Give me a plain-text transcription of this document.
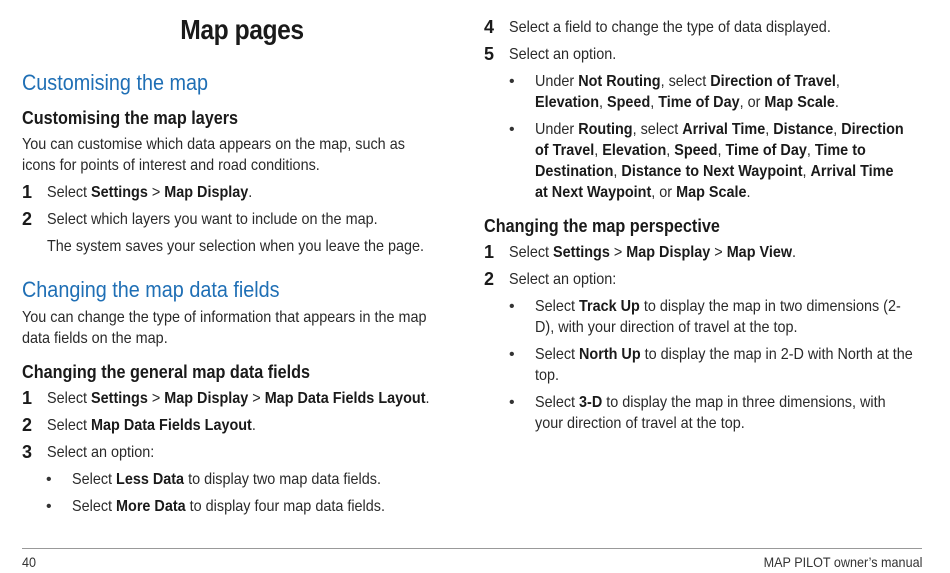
Map pages
Customising the map
Customising the map layers
You can customise which data appears on the map, such as icons for points of interest and road conditions.
1 Select Settings > Map Display.
2 Select which layers you want to include on the map.
The system saves your selection when you leave the page.
Changing the map data fields
You can change the type of information that appears in the map data fields on the map.
Changing the general map data fields
1 Select Settings > Map Display > Map Data Fields Layout.
2 Select Map Data Fields Layout.
3 Select an option:
• Select Less Data to display two map data fields.
• Select More Data to display four map data fields.
4 Select a field to change the type of data displayed.
5 Select an option.
• Under Not Routing, select Direction of Travel, Elevation, Speed, Time of Day, or Map Scale.
• Under Routing, select Arrival Time, Distance, Direction of Travel, Elevation, Speed, Time of Day, Time to Destination, Distance to Next Waypoint, Arrival Time at Next Waypoint, or Map Scale.
Changing the map perspective
1 Select Settings > Map Display > Map View.
2 Select an option:
• Select Track Up to display the map in two dimensions (2-D), with your direction of travel at the top.
• Select North Up to display the map in 2-D with North at the top.
• Select 3-D to display the map in three dimensions, with your direction of travel at the top.
40	MAP PILOT owner’s manual
